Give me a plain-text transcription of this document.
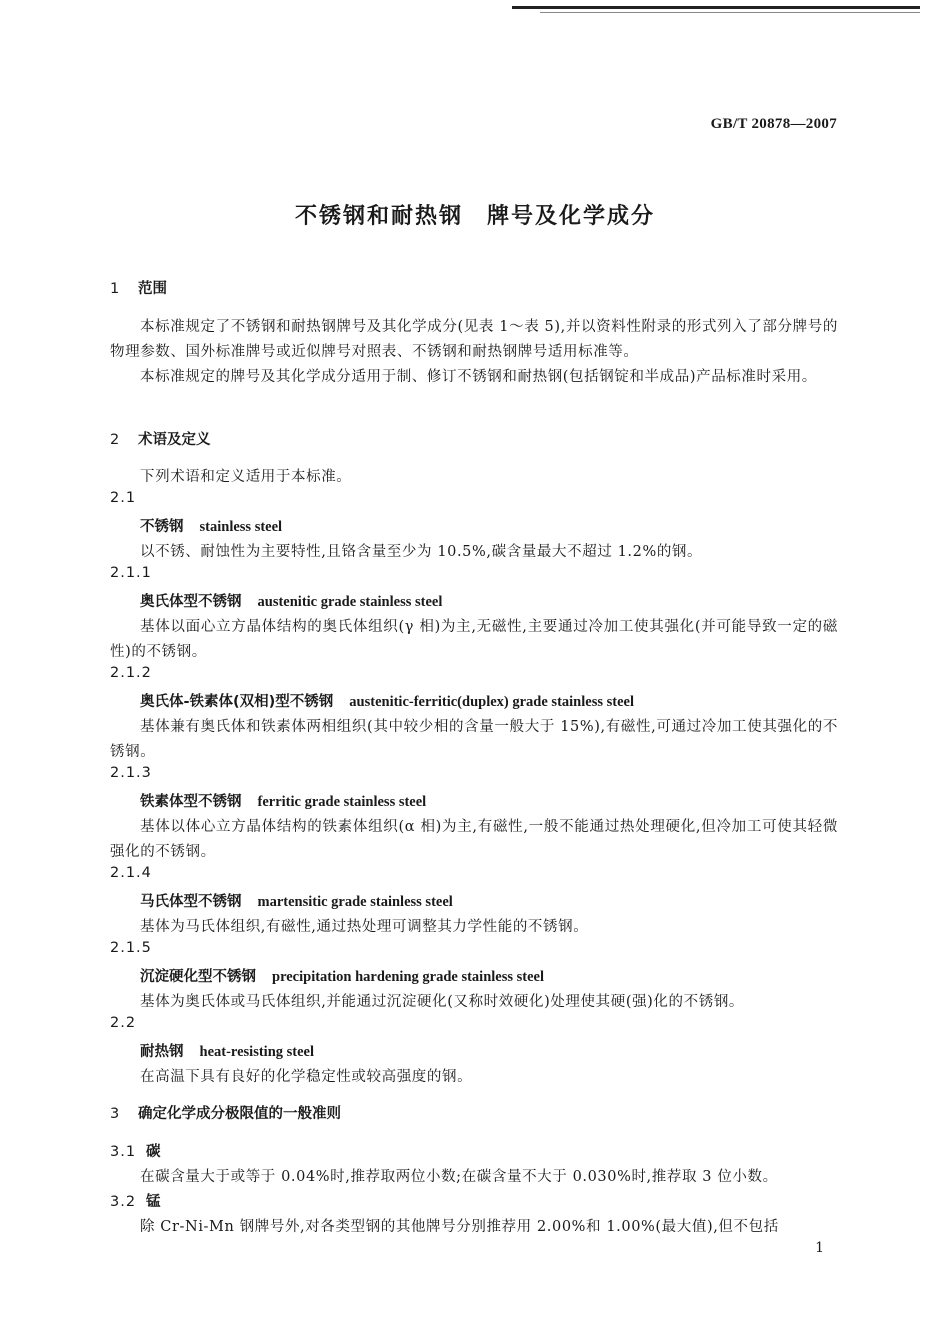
GB/T 20878—2007
不锈钢和耐热钢　牌号及化学成分
1 范围
本标准规定了不锈钢和耐热钢牌号及其化学成分(见表 1～表 5),并以资料性附录的形式列入了部分牌号的物理参数、国外标准牌号或近似牌号对照表、不锈钢和耐热钢牌号适用标准等。
本标准规定的牌号及其化学成分适用于制、修订不锈钢和耐热钢(包括钢锭和半成品)产品标准时采用。
2 术语及定义
下列术语和定义适用于本标准。
2.1
不锈钢 stainless steel
以不锈、耐蚀性为主要特性,且铬含量至少为 10.5%,碳含量最大不超过 1.2%的钢。
2.1.1
奥氏体型不锈钢 austenitic grade stainless steel
基体以面心立方晶体结构的奥氏体组织(γ 相)为主,无磁性,主要通过冷加工使其强化(并可能导致一定的磁性)的不锈钢。
2.1.2
奥氏体-铁素体(双相)型不锈钢 austenitic-ferritic(duplex) grade stainless steel
基体兼有奥氏体和铁素体两相组织(其中较少相的含量一般大于 15%),有磁性,可通过冷加工使其强化的不锈钢。
2.1.3
铁素体型不锈钢 ferritic grade stainless steel
基体以体心立方晶体结构的铁素体组织(α 相)为主,有磁性,一般不能通过热处理硬化,但冷加工可使其轻微强化的不锈钢。
2.1.4
马氏体型不锈钢 martensitic grade stainless steel
基体为马氏体组织,有磁性,通过热处理可调整其力学性能的不锈钢。
2.1.5
沉淀硬化型不锈钢 precipitation hardening grade stainless steel
基体为奥氏体或马氏体组织,并能通过沉淀硬化(又称时效硬化)处理使其硬(强)化的不锈钢。
2.2
耐热钢 heat-resisting steel
在高温下具有良好的化学稳定性或较高强度的钢。
3 确定化学成分极限值的一般准则
3.1 碳
在碳含量大于或等于 0.04%时,推荐取两位小数;在碳含量不大于 0.030%时,推荐取 3 位小数。
3.2 锰
除 Cr-Ni-Mn 钢牌号外,对各类型钢的其他牌号分别推荐用 2.00%和 1.00%(最大值),但不包括
1
